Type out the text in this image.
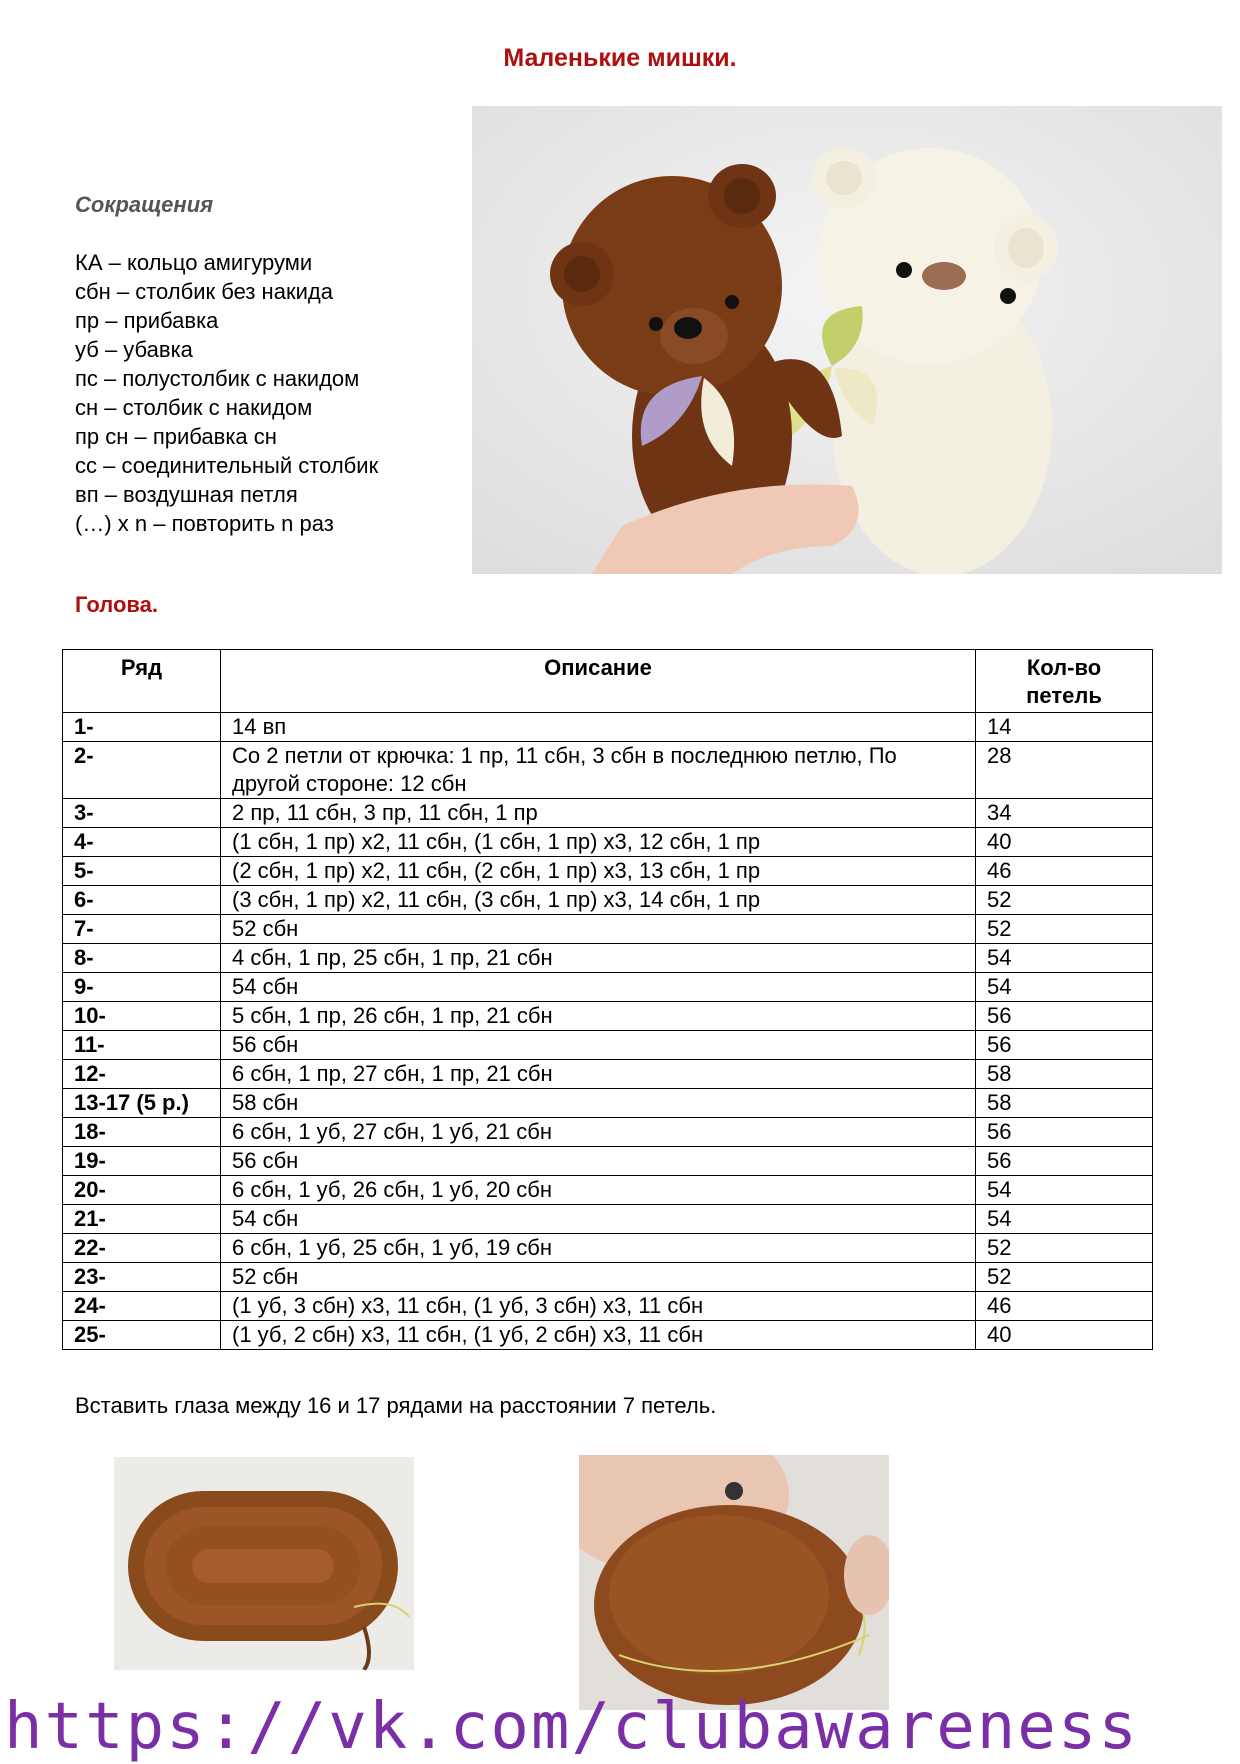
Маленькие мишки.
Сокращения
КА – кольцо амигуруми
сбн – столбик без накида
пр – прибавка
уб – убавка
пс – полустолбик с накидом
сн – столбик с накидом
пр сн – прибавка сн
сс – соединительный столбик
вп – воздушная петля
(…) x n – повторить n раз
Голова.
Ряд	Описание	Кол-во петель
1-	14 вп	14
2-	Со 2 петли от крючка: 1 пр, 11 сбн, 3 сбн в последнюю петлю, По другой стороне: 12 сбн	28
3-	2 пр, 11 сбн, 3 пр, 11 сбн, 1 пр	34
4-	(1 сбн, 1 пр) x2, 11 сбн, (1 сбн, 1 пр) x3, 12 сбн, 1 пр	40
5-	(2 сбн, 1 пр) x2, 11 сбн, (2 сбн, 1 пр) x3, 13 сбн, 1 пр	46
6-	(3 сбн, 1 пр) x2, 11 сбн, (3 сбн, 1 пр) x3, 14 сбн, 1 пр	52
7-	52 сбн	52
8-	4 сбн, 1 пр, 25 сбн, 1 пр, 21 сбн	54
9-	54 сбн	54
10-	5 сбн, 1 пр, 26 сбн, 1 пр, 21 сбн	56
11-	56 сбн	56
12-	6 сбн, 1 пр, 27 сбн, 1 пр, 21 сбн	58
13-17 (5 р.)	58 сбн	58
18-	6 сбн, 1 уб, 27 сбн, 1 уб, 21 сбн	56
19-	56 сбн	56
20-	6 сбн, 1 уб, 26 сбн, 1 уб, 20 сбн	54
21-	54 сбн	54
22-	6 сбн, 1 уб, 25 сбн, 1 уб, 19 сбн	52
23-	52 сбн	52
24-	(1 уб, 3 сбн) x3, 11 сбн, (1 уб, 3 сбн) x3, 11 сбн	46
25-	(1 уб, 2 сбн) x3, 11 сбн, (1 уб, 2 сбн) x3, 11 сбн	40
Вставить глаза между 16 и 17 рядами на расстоянии 7 петель.
https://vk.com/clubawareness
